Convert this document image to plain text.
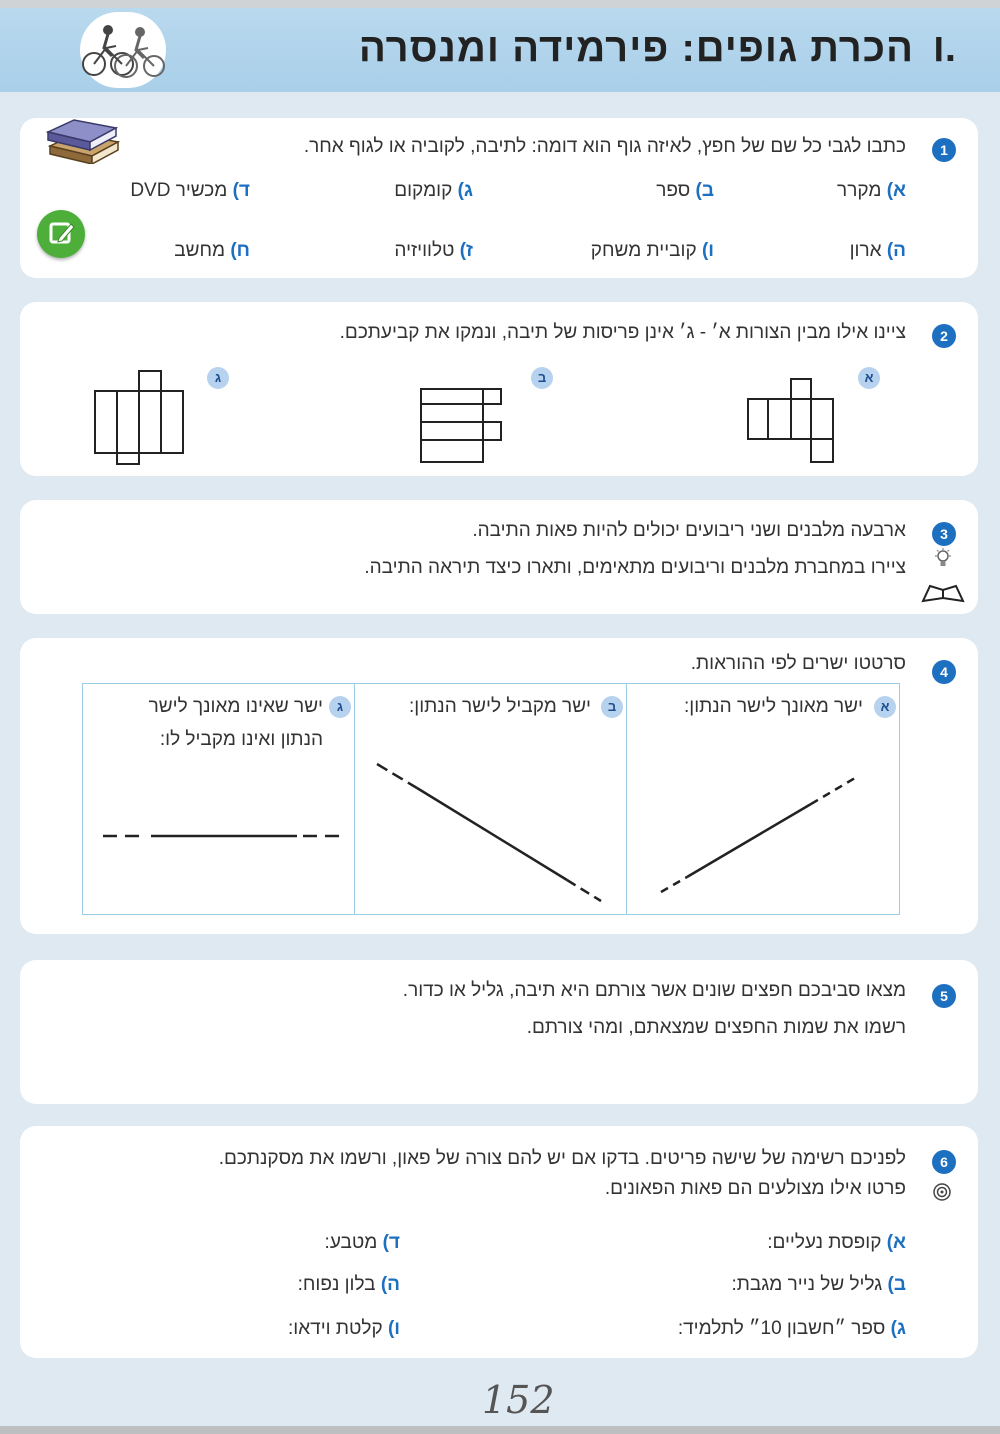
ו.
הכרת גופים: פירמידה ומנסרה
1
כתבו לגבי כל שם של חפץ, לאיזה גוף הוא דומה: לתיבה, לקוביה או לגוף אחר.
א) מקרר
ב) ספר
ג) קומקום
ד) מכשיר DVD
ה) ארון
ו) קוביית משחק
ז) טלוויזיה
ח) מחשב
2
ציינו אילו מבין הצורות א׳ - ג׳ אינן פריסות של תיבה, ונמקו את קביעתכם.
א
ב
ג
3
ארבעה מלבנים ושני ריבועים יכולים להיות פאות התיבה.
ציירו במחברת מלבנים וריבועים מתאימים, ותארו כיצד תיראה התיבה.
4
סרטטו ישרים לפי ההוראות.
א
ישר מאונך לישר הנתון:
ב
ישר מקביל לישר הנתון:
ג
ישר שאינו מאונך לישר
הנתון ואינו מקביל לו:
5
מצאו סביבכם חפצים שונים אשר צורתם היא תיבה, גליל או כדור.
רשמו את שמות החפצים שמצאתם, ומהי צורתם.
6
לפניכם רשימה של שישה פריטים. בדקו אם יש להם צורה של פאון, ורשמו את מסקנתכם.
פרטו אילו מצולעים הם פאות הפאונים.
א) קופסת נעליים:
ב) גליל של נייר מגבת:
ג) ספר ״חשבון 10״ לתלמיד:
ד) מטבע:
ה) בלון נפוח:
ו) קלטת וידאו:
152
